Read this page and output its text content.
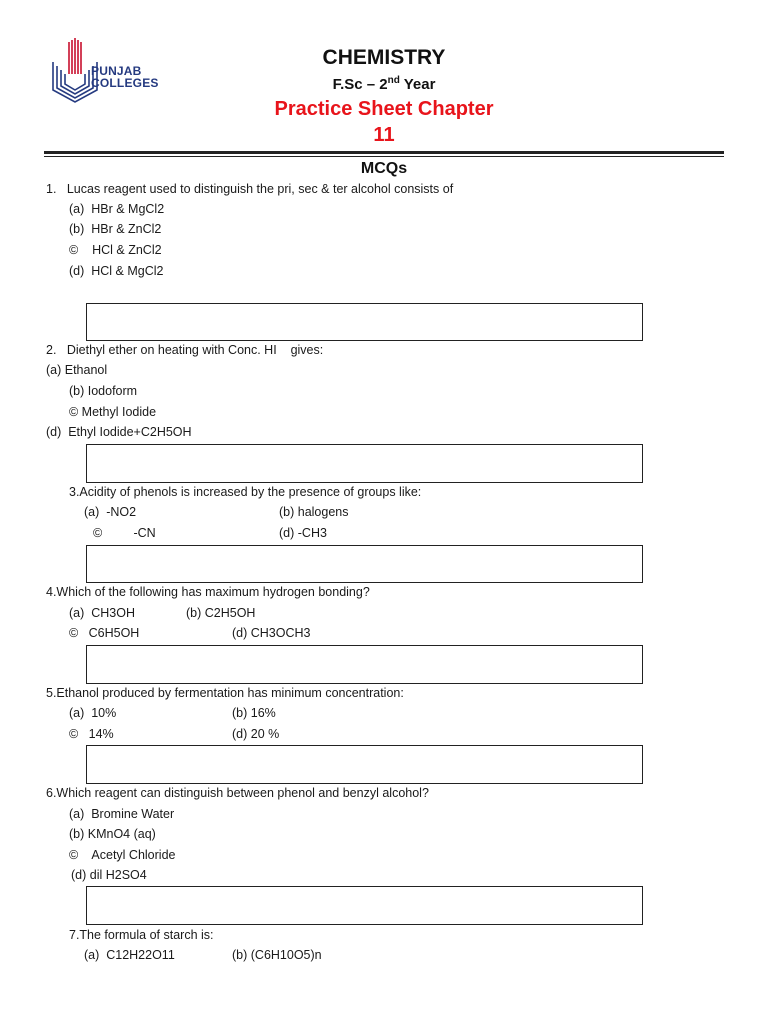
PUNJAB
COLLEGES
CHEMISTRY
F.Sc – 2nd Year
Practice Sheet Chapter
11
MCQs
1.   Lucas reagent used to distinguish the pri, sec & ter alcohol consists of
(a)  HBr & MgCl2
(b)  HBr & ZnCl2
©    HCl & ZnCl2
(d)  HCl & MgCl2
2.   Diethyl ether on heating with Conc. HI    gives:
(a) Ethanol
(b) Iodoform
© Methyl Iodide
(d)  Ethyl Iodide+C2H5OH
3.Acidity of phenols is increased by the presence of groups like:
(a)  -NO2	(b) halogens
©         -CN	(d) -CH3
4.Which of the following has maximum hydrogen bonding?
(a)  CH3OH	(b) C2H5OH
©   C6H5OH	(d) CH3OCH3
5.Ethanol produced by fermentation has minimum concentration:
(a)  10%	(b) 16%
©   14%	(d) 20 %
6.Which reagent can distinguish between phenol and benzyl alcohol?
(a)  Bromine Water
(b) KMnO4 (aq)
©    Acetyl Chloride
(d) dil H2SO4
7.The formula of starch is:
(a)  C12H22O11	(b) (C6H10O5)n
